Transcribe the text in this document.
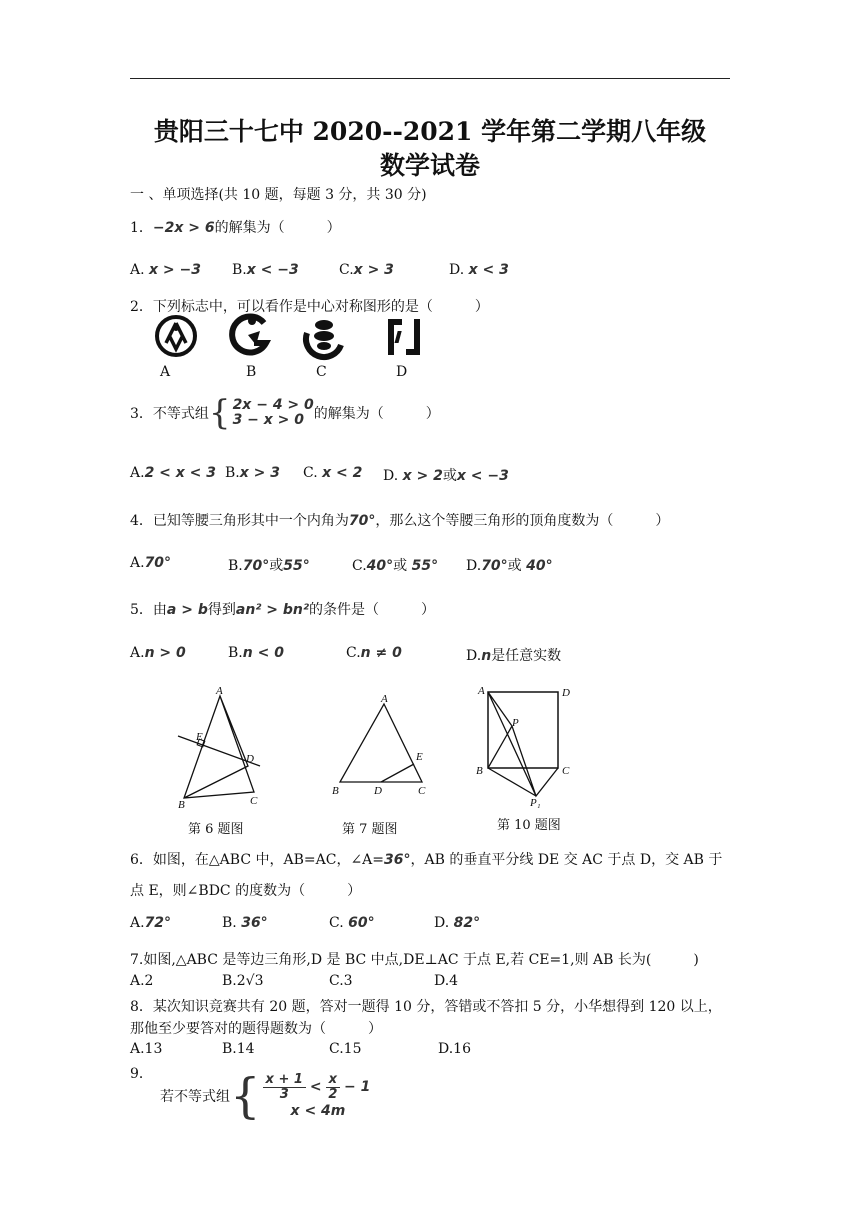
贵阳三十七中 2020--2021 学年第二学期八年级
数学试卷
一 、单项选择(共 10 题，每题 3 分，共 30 分)
1．−2x > 6的解集为（　　　）
A. x > −3 B.x < −3	C.x > 3	D. x < 3
2．下列标志中，可以看作是中心对称图形的是（　　　）
A	B	C	D
3．不等式组 { 2x − 4 > 0
3 − x > 0 的解集为（　　　）
A.2 < x < 3 B.x > 3 C. x < 2 D. x > 2或x < −3
4．已知等腰三角形其中一个内角为70°，那么这个等腰三角形的顶角度数为（　　　）
A.70°	B.70°或55°	C.40°或 55° D.70°或 40°
5．由a > b得到an² > bn²的条件是（　　　）
A.n > 0	B.n < 0	C.n ≠ 0	D.n是任意实数
A
B	C
D
E
第 6 题图
A
B	C
D
E
第 7 题图
A	D
P
B	C
P₁
第 10 题图
6．如图，在△ABC 中，AB=AC，∠A=36°，AB 的垂直平分线 DE 交 AC 于点 D，交 AB 于
点 E，则∠BDC 的度数为（　　　）
A.72°	B. 36°	C. 60°	D. 82°
7.如图,△ABC 是等边三角形,D 是 BC 中点,DE⊥AC 于点 E,若 CE=1,则 AB 长为(　　　)
A.2	B.2√3	C.3	D.4
8．某次知识竞赛共有 20 题，答对一题得 10 分，答错或不答扣 5 分，小华想得到 120 以上，
那他至少要答对的题得题数为（　　　）
A.13	B.14	C.15	D.16
9．
若不等式组 { $\frac{x + 1}{3} < \frac{x}{2} - 1$
x < 4m
